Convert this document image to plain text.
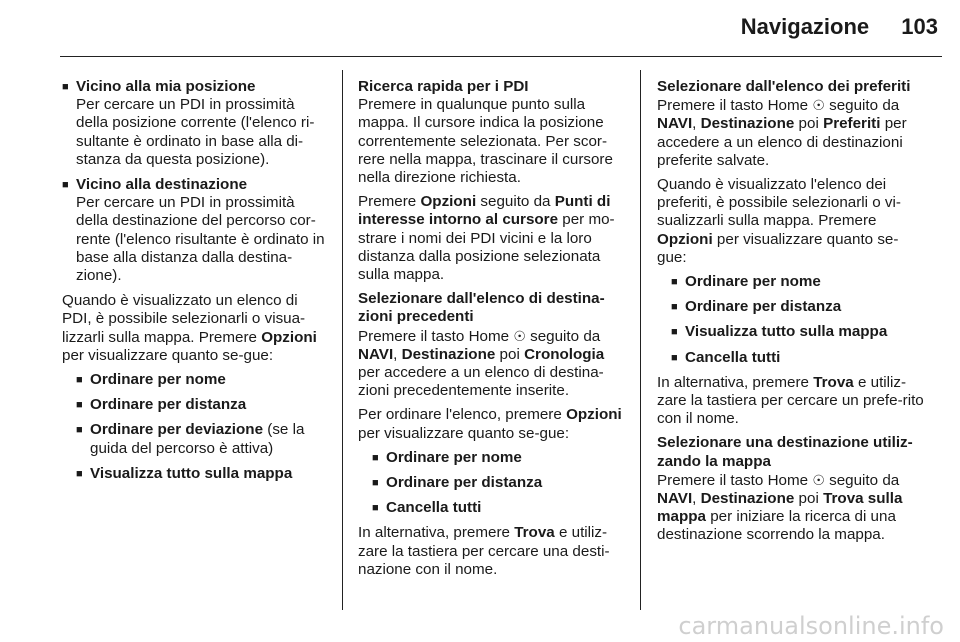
Navigazione 103
■ Vicino alla mia posizione
Per cercare un PDI in prossimità della posizione corrente (l'elenco ri-sultante è ordinato in base alla di-stanza da questa posizione).
■ Vicino alla destinazione
Per cercare un PDI in prossimità della destinazione del percorso cor-rente (l'elenco risultante è ordinato in base alla distanza dalla destina-zione).

Quando è visualizzato un elenco di PDI, è possibile selezionarli o visua-lizzarli sulla mappa. Premere Opzioni per visualizzare quanto se-gue:

■ Ordinare per nome
■ Ordinare per distanza
■ Ordinare per deviazione (se la guida del percorso è attiva)
■ Visualizza tutto sulla mappa

Ricerca rapida per i PDI

Premere in qualunque punto sulla mappa. Il cursore indica la posizione correntemente selezionata. Per scor-rere nella mappa, trascinare il cursore nella direzione richiesta.

Premere Opzioni seguito da Punti di interesse intorno al cursore per mo-strare i nomi dei PDI vicini e la loro distanza dalla posizione selezionata sulla mappa.

Selezionare dall'elenco di destina-zioni precedenti

Premere il tasto Home ☉ seguito da NAVI, Destinazione poi Cronologia per accedere a un elenco di destina-zioni precedentemente inserite.

Per ordinare l'elenco, premere Opzioni per visualizzare quanto se-gue:

■ Ordinare per nome
■ Ordinare per distanza
■ Cancella tutti

In alternativa, premere Trova e utiliz-zare la tastiera per cercare una desti-nazione con il nome.

Selezionare dall'elenco dei preferiti

Premere il tasto Home ☉ seguito da NAVI, Destinazione poi Preferiti per accedere a un elenco di destinazioni preferite salvate.

Quando è visualizzato l'elenco dei preferiti, è possibile selezionarli o vi-sualizzarli sulla mappa. Premere Opzioni per visualizzare quanto se-gue:

■ Ordinare per nome
■ Ordinare per distanza
■ Visualizza tutto sulla mappa
■ Cancella tutti

In alternativa, premere Trova e utiliz-zare la tastiera per cercare un prefe-rito con il nome.

Selezionare una destinazione utiliz-zando la mappa

Premere il tasto Home ☉ seguito da NAVI, Destinazione poi Trova sulla mappa per iniziare la ricerca di una destinazione scorrendo la mappa.

carmanualsonline.info
